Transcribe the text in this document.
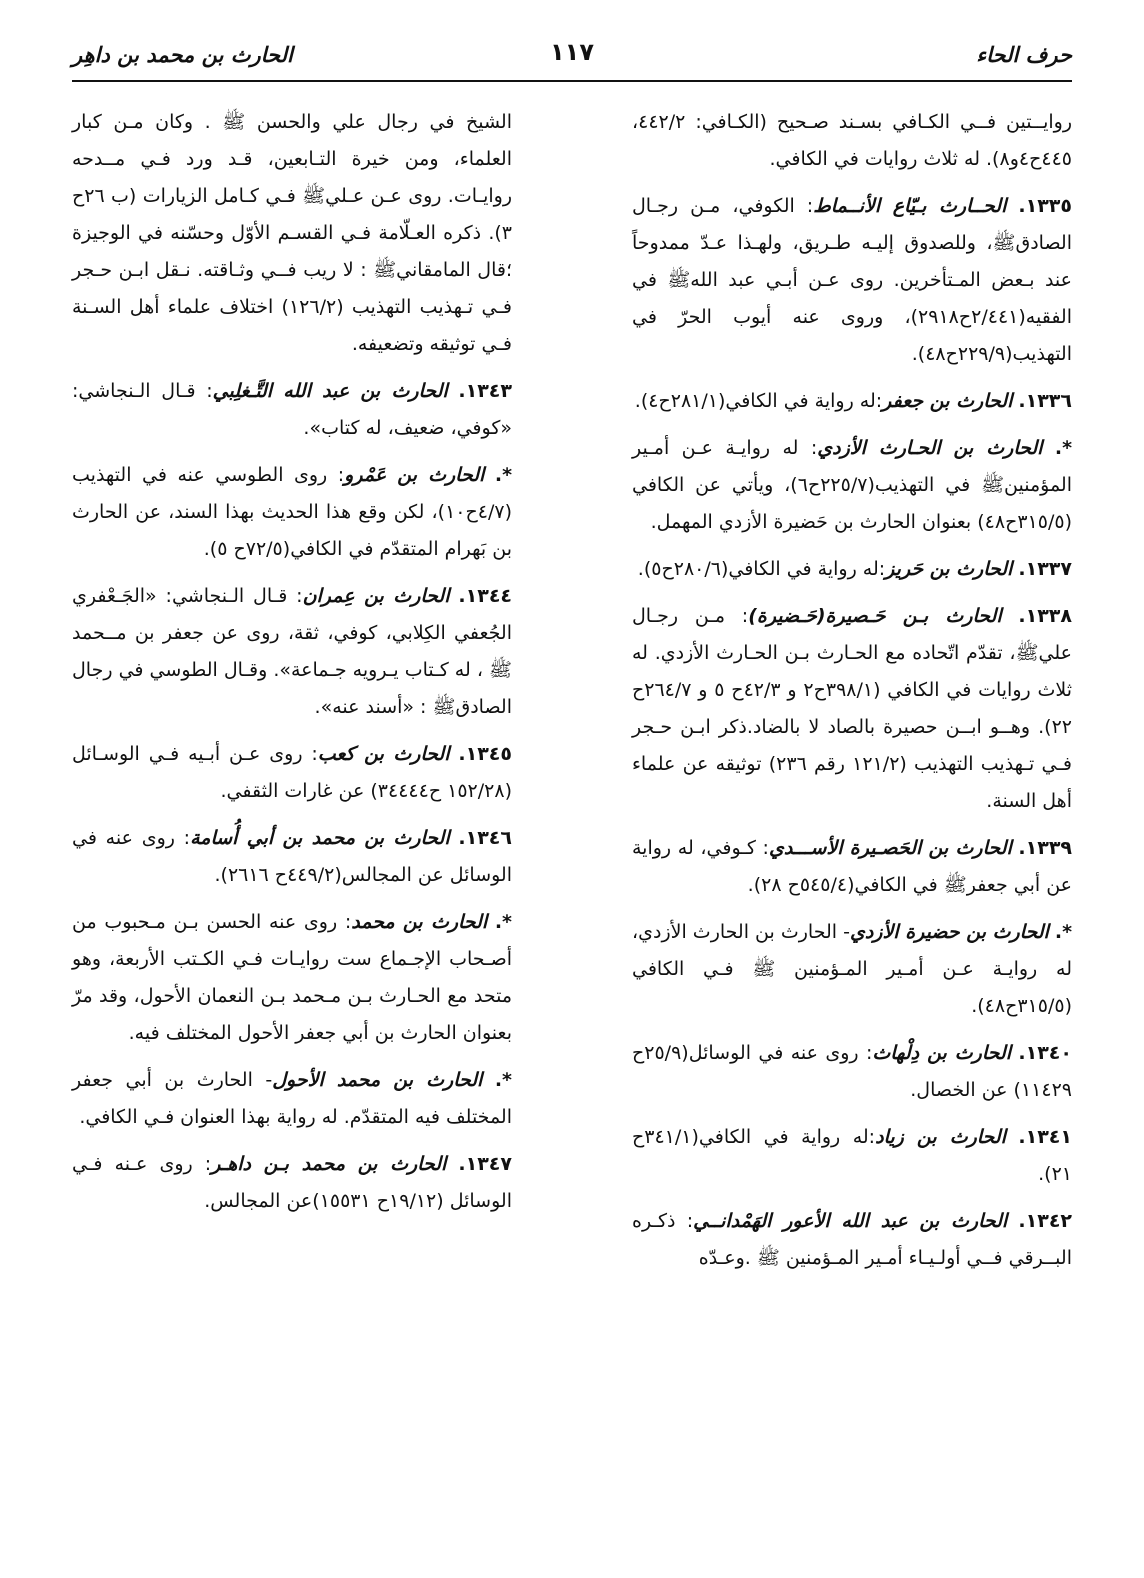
حرف الحاء
١١٧
الحارث بن محمد بن داهِر

روايــتين فــي الكـافي بسـند صـحيح (الكـافي: ٤٤٢/٢، ٤٤٥ح٤و٨). له ثلاث روايات في الكافي.

١٣٣٥. الحــارث بـيّاع الأنــماط: الكوفي، مـن رجـال الصادقﷺ، وللصدوق إليـه طـريق، ولهـذا عـدّ ممدوحاً عند بـعض المـتأخرين. روى عـن أبـي عبد اللهﷺ في الفقيه(٢/٤٤١ح٢٩١٨)، وروى عنه أيوب الحرّ في التهذيب(٢٢٩/٩ح٤٨).

١٣٣٦. الحارث بن جعفر:له رواية في الكافي(٢٨١/١ح٤).

*. الحارث بن الحـارث الأزدي: له روايـة عـن أمـير المؤمنينﷺ في التهذيب(٢٢٥/٧ح٦)، ويأتي عن الكافي (٣١٥/٥ح٤٨) بعنوان الحارث بن حَضيرة الأزدي المهمل.

١٣٣٧. الحارث بن حَريز:له رواية في الكافي(٢٨٠/٦ح٥).

١٣٣٨. الحارث بـن حَـصيرة(حَـضيرة): مـن رجـال عليﷺ، تقدّم اتّحاده مع الحـارث بـن الحـارث الأزدي. له ثلاث روايات في الكافي (٣٩٨/١ح٢ و ٤٢/٣ح ٥ و ٢٦٤/٧ح ٢٢). وهــو ابــن حصيرة بالصاد لا بالضاد.ذكر ابـن حـجر فـي تـهذيب التهذيب (١٢١/٢ رقم ٢٣٦) توثيقه عن علماء أهل السنة.

١٣٣٩. الحارث بن الحَصـيرة الأســـدي: كـوفي، له رواية عن أبي جعفرﷺ في الكافي(٥٤٥/٤ح ٢٨).

*. الحارث بن حضيرة الأزدي- الحارث بن الحارث الأزدي، له روايـة عـن أمـير المـؤمنين ﷺ فـي الكافي (٣١٥/٥ح٤٨).

١٣٤٠. الحارث بن دِلْهاث: روى عنه في الوسائل(٢٥/٩ح ١١٤٢٩) عن الخصال.

١٣٤١. الحارث بن زياد:له رواية في الكافي(٣٤١/١ح ٢١).

١٣٤٢. الحارث بن عبد الله الأعور الهَمْدانــي: ذكـره البــرقي فــي أولـيـاء أمـير المـؤمنين ﷺ .وعـدّه

الشيخ في رجال علي والحسن ﷺ . وكان مـن كبار العلماء، ومن خيرة التـابعين، قـد ورد فـي مــدحه روايـات. روى عـن عـليﷺ فـي كـامل الزيارات (ب ٢٦ح ٣). ذكره العـلّامة فـي القسـم الأوّل وحسّنه في الوجيزة ؛قال المامقانيﷺ : لا ريب فــي وثـاقته. نـقل ابـن حـجر فـي تـهذيب التهذيب (١٢٦/٢) اختلاف علماء أهل السـنة فـي توثيقه وتضعيفه.

١٣٤٣. الحارث بن عبد الله التَّـغلِبي: قـال الـنجاشي: «كوفي، ضعيف، له كتاب».

*. الحارث بن عَمْرو: روى الطوسي عنه في التهذيب (٤/٧ح١٠)، لكن وقع هذا الحديث بهذا السند، عن الحارث بن بَهرام المتقدّم في الكافي(٧٢/٥ح ٥).

١٣٤٤. الحارث بن عِمران: قـال الـنجاشي: «الجَـعْفري الجُعفي الكِلابي، كوفي، ثقة، روى عن جعفر بن مــحمد ﷺ ، له كـتاب يـرويه جـماعة». وقـال الطوسي في رجال الصادقﷺ : «أسند عنه».

١٣٤٥. الحارث بن كعب: روى عـن أبـيه فـي الوسـائل (١٥٢/٢٨ ح٣٤٤٤٤) عن غارات الثقفي.

١٣٤٦. الحارث بن محمد بن أبي أُسامة: روى عنه في الوسائل عن المجالس(٤٤٩/٢ح ٢٦١٦).

*. الحارث بن محمد: روى عنه الحسن بـن مـحبوب من أصـحاب الإجـماع ست روايـات فـي الكـتب الأربعة، وهو متحد مع الحـارث بـن مـحمد بـن النعمان الأحول، وقد مرّ بعنوان الحارث بن أبي جعفر الأحول المختلف فيه.

*. الحارث بن محمد الأحول- الحارث بن أبي جعفر المختلف فيه المتقدّم. له رواية بهذا العنوان فـي الكافي.

١٣٤٧. الحارث بن محمد بـن داهـر: روى عـنه فـي الوسائل (١٩/١٢ح ١٥٥٣١)عن المجالس.
